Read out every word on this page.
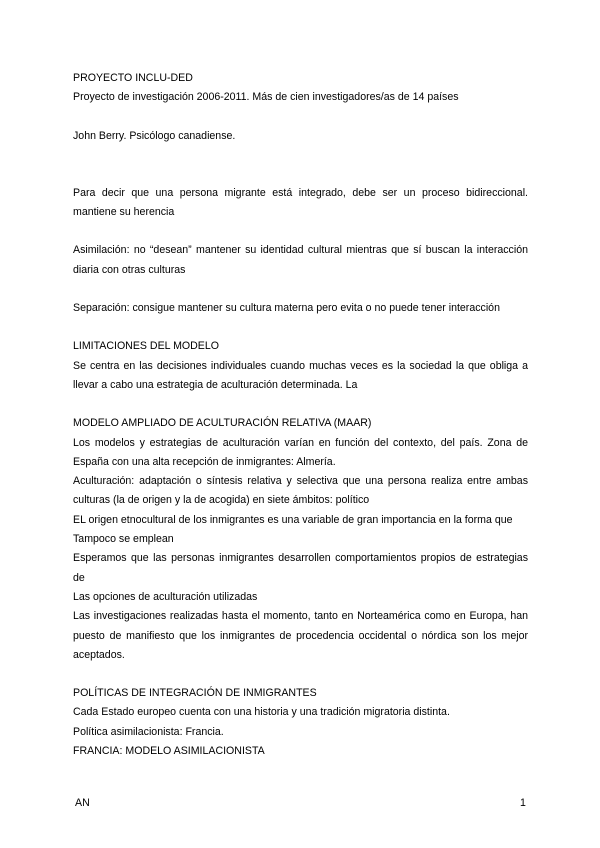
PROYECTO INCLU-DED
Proyecto de investigación 2006-2011. Más de cien investigadores/as de 14 países
John Berry. Psicólogo canadiense.
Para decir que una persona migrante está integrado, debe ser un proceso bidireccional. mantiene su herencia
Asimilación: no “desean” mantener su identidad cultural mientras que sí buscan la interacción diaria con otras culturas
Separación: consigue mantener su cultura materna pero evita o no puede tener interacción
LIMITACIONES DEL MODELO
Se centra en las decisiones individuales cuando muchas veces es la sociedad la que obliga a llevar a cabo una estrategia de aculturación determinada. La
MODELO AMPLIADO DE ACULTURACIÓN RELATIVA (MAAR)
Los modelos y estrategias de aculturación varían en función del contexto, del país. Zona de España con una alta recepción de inmigrantes: Almería.
Aculturación: adaptación o síntesis relativa y selectiva que una persona realiza entre ambas culturas (la de origen y la de acogida) en siete ámbitos: político
EL origen etnocultural de los inmigrantes es una variable de gran importancia en la forma que
Tampoco se emplean
Esperamos que las personas inmigrantes desarrollen comportamientos propios de estrategias de
Las opciones de aculturación utilizadas
Las investigaciones realizadas hasta el momento, tanto en Norteamérica como en Europa, han puesto de manifiesto que los inmigrantes de procedencia occidental o nórdica son los mejor aceptados.
POLÍTICAS DE INTEGRACIÓN DE INMIGRANTES
Cada Estado europeo cuenta con una historia y una tradición migratoria distinta.
Política asimilacionista: Francia.
FRANCIA: MODELO ASIMILACIONISTA
AN	1
